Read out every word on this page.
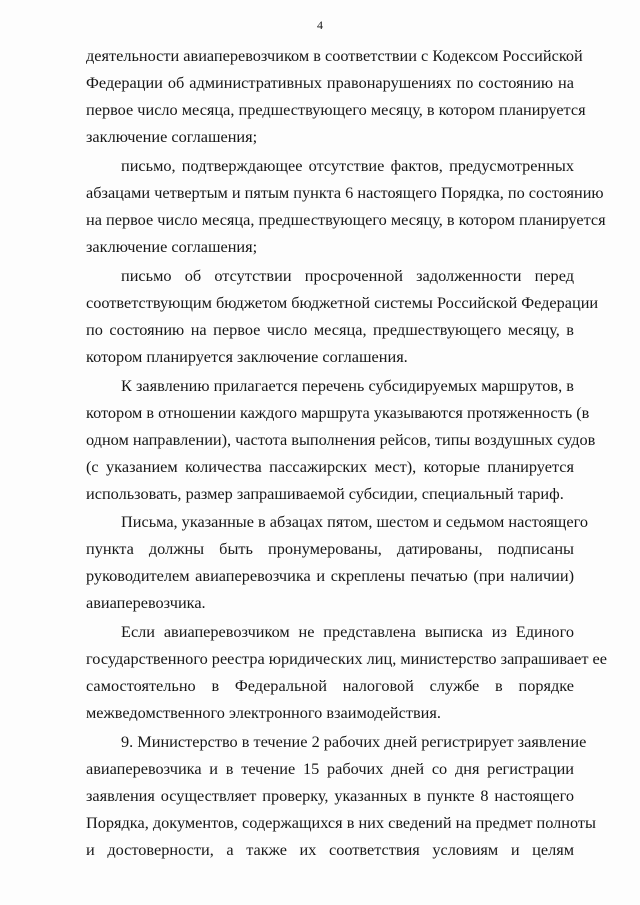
4
деятельности авиаперевозчиком в соответствии с Кодексом Российской
Федерации об административных правонарушениях по состоянию на
первое число месяца, предшествующего месяцу, в котором планируется
заключение соглашения;
письмо, подтверждающее отсутствие фактов, предусмотренных
абзацами четвертым и пятым пункта 6 настоящего Порядка, по состоянию
на первое число месяца, предшествующего месяцу, в котором планируется
заключение соглашения;
письмо об отсутствии просроченной задолженности перед
соответствующим бюджетом бюджетной системы Российской Федерации
по состоянию на первое число месяца, предшествующего месяцу, в
котором планируется заключение соглашения.
К заявлению прилагается перечень субсидируемых маршрутов, в
котором в отношении каждого маршрута указываются протяженность (в
одном направлении), частота выполнения рейсов, типы воздушных судов
(с указанием количества пассажирских мест), которые планируется
использовать, размер запрашиваемой субсидии, специальный тариф.
Письма, указанные в абзацах пятом, шестом и седьмом настоящего
пункта должны быть пронумерованы, датированы, подписаны
руководителем авиаперевозчика и скреплены печатью (при наличии)
авиаперевозчика.
Если авиаперевозчиком не представлена выписка из Единого
государственного реестра юридических лиц, министерство запрашивает ее
самостоятельно в Федеральной налоговой службе в порядке
межведомственного электронного взаимодействия.
9. Министерство в течение 2 рабочих дней регистрирует заявление
авиаперевозчика и в течение 15 рабочих дней со дня регистрации
заявления осуществляет проверку, указанных в пункте 8 настоящего
Порядка, документов, содержащихся в них сведений на предмет полноты
и достоверности, а также их соответствия условиям и целям
